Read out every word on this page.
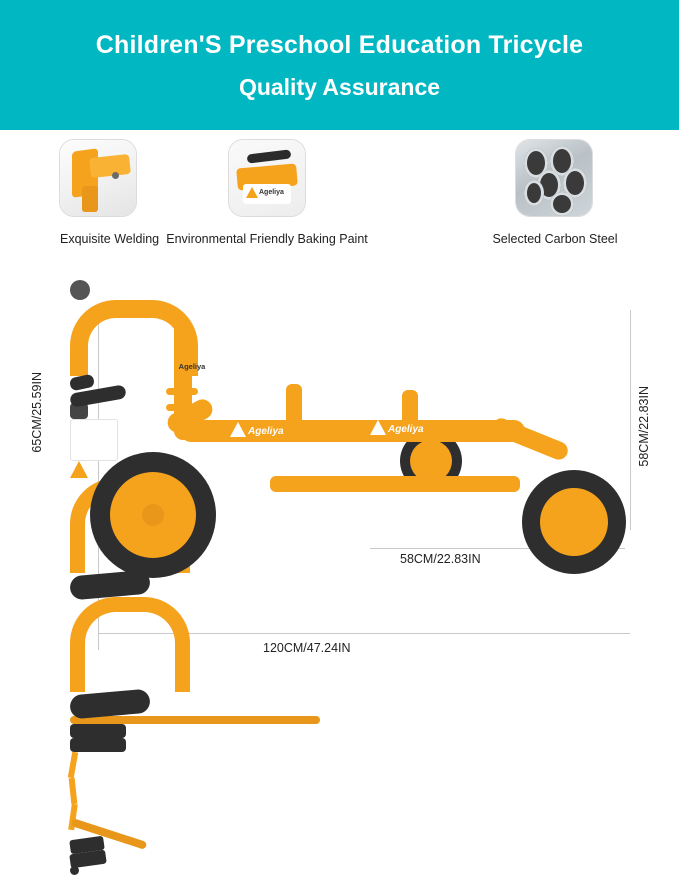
Children'S Preschool Education Tricycle
Quality Assurance
Exquisite Welding
Ageliya
Environmental Friendly Baking Paint	Selected Carbon Steel
Ageliya
Ageliya	Ageliya
65CM/25.59IN	58CM/22.83IN
58CM/22.83IN
120CM/47.24IN
